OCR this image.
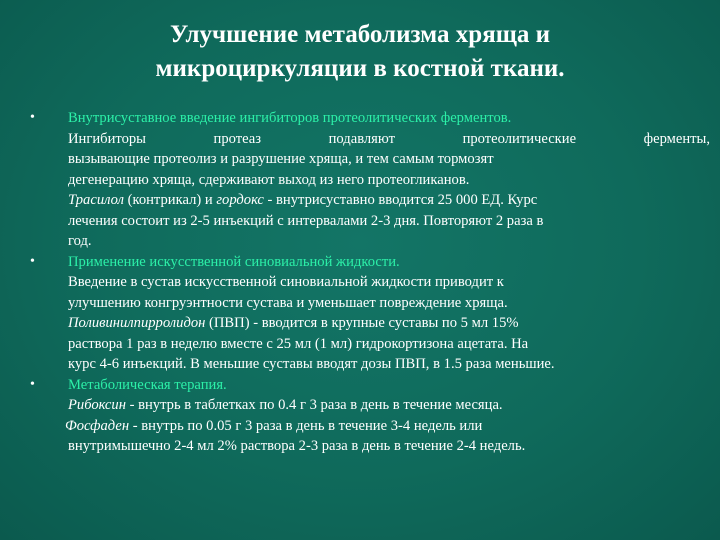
Улучшение метаболизма хряща и
микроциркуляции в костной ткани.
•	Внутрисуставное введение ингибиторов протеолитических ферментов.
Ингибиторы протеаз подавляют протеолитические ферменты,
вызывающие протеолиз и разрушение хряща, и тем самым тормозят
дегенерацию хряща, сдерживают выход из него протеогликанов.
Трасилол (контрикал) и гордокс - внутрисуставно вводится 25 000 ЕД. Курс
лечения состоит из 2-5 инъекций с интервалами 2-3 дня. Повторяют 2 раза в
год.
•	Применение искусственной синовиальной жидкости.
Введение в сустав искусственной синовиальной жидкости приводит к
улучшению конгруэнтности сустава и уменьшает повреждение хряща.
Поливинилпирролидон (ПВП) - вводится в крупные суставы по 5 мл 15%
раствора 1 раз в неделю вместе с 25 мл (1 мл) гидрокортизона ацетата. На
курс 4-6 инъекций. В меньшие суставы вводят дозы ПВП, в 1.5 раза меньшие.
•	Метаболическая терапия.
Рибоксин - внутрь в таблетках по 0.4 г 3 раза в день в течение месяца.
Фосфаден - внутрь по 0.05 г 3 раза в день в течение 3-4 недель или
внутримышечно 2-4 мл 2% раствора 2-3 раза в день в течение 2-4 недель.
